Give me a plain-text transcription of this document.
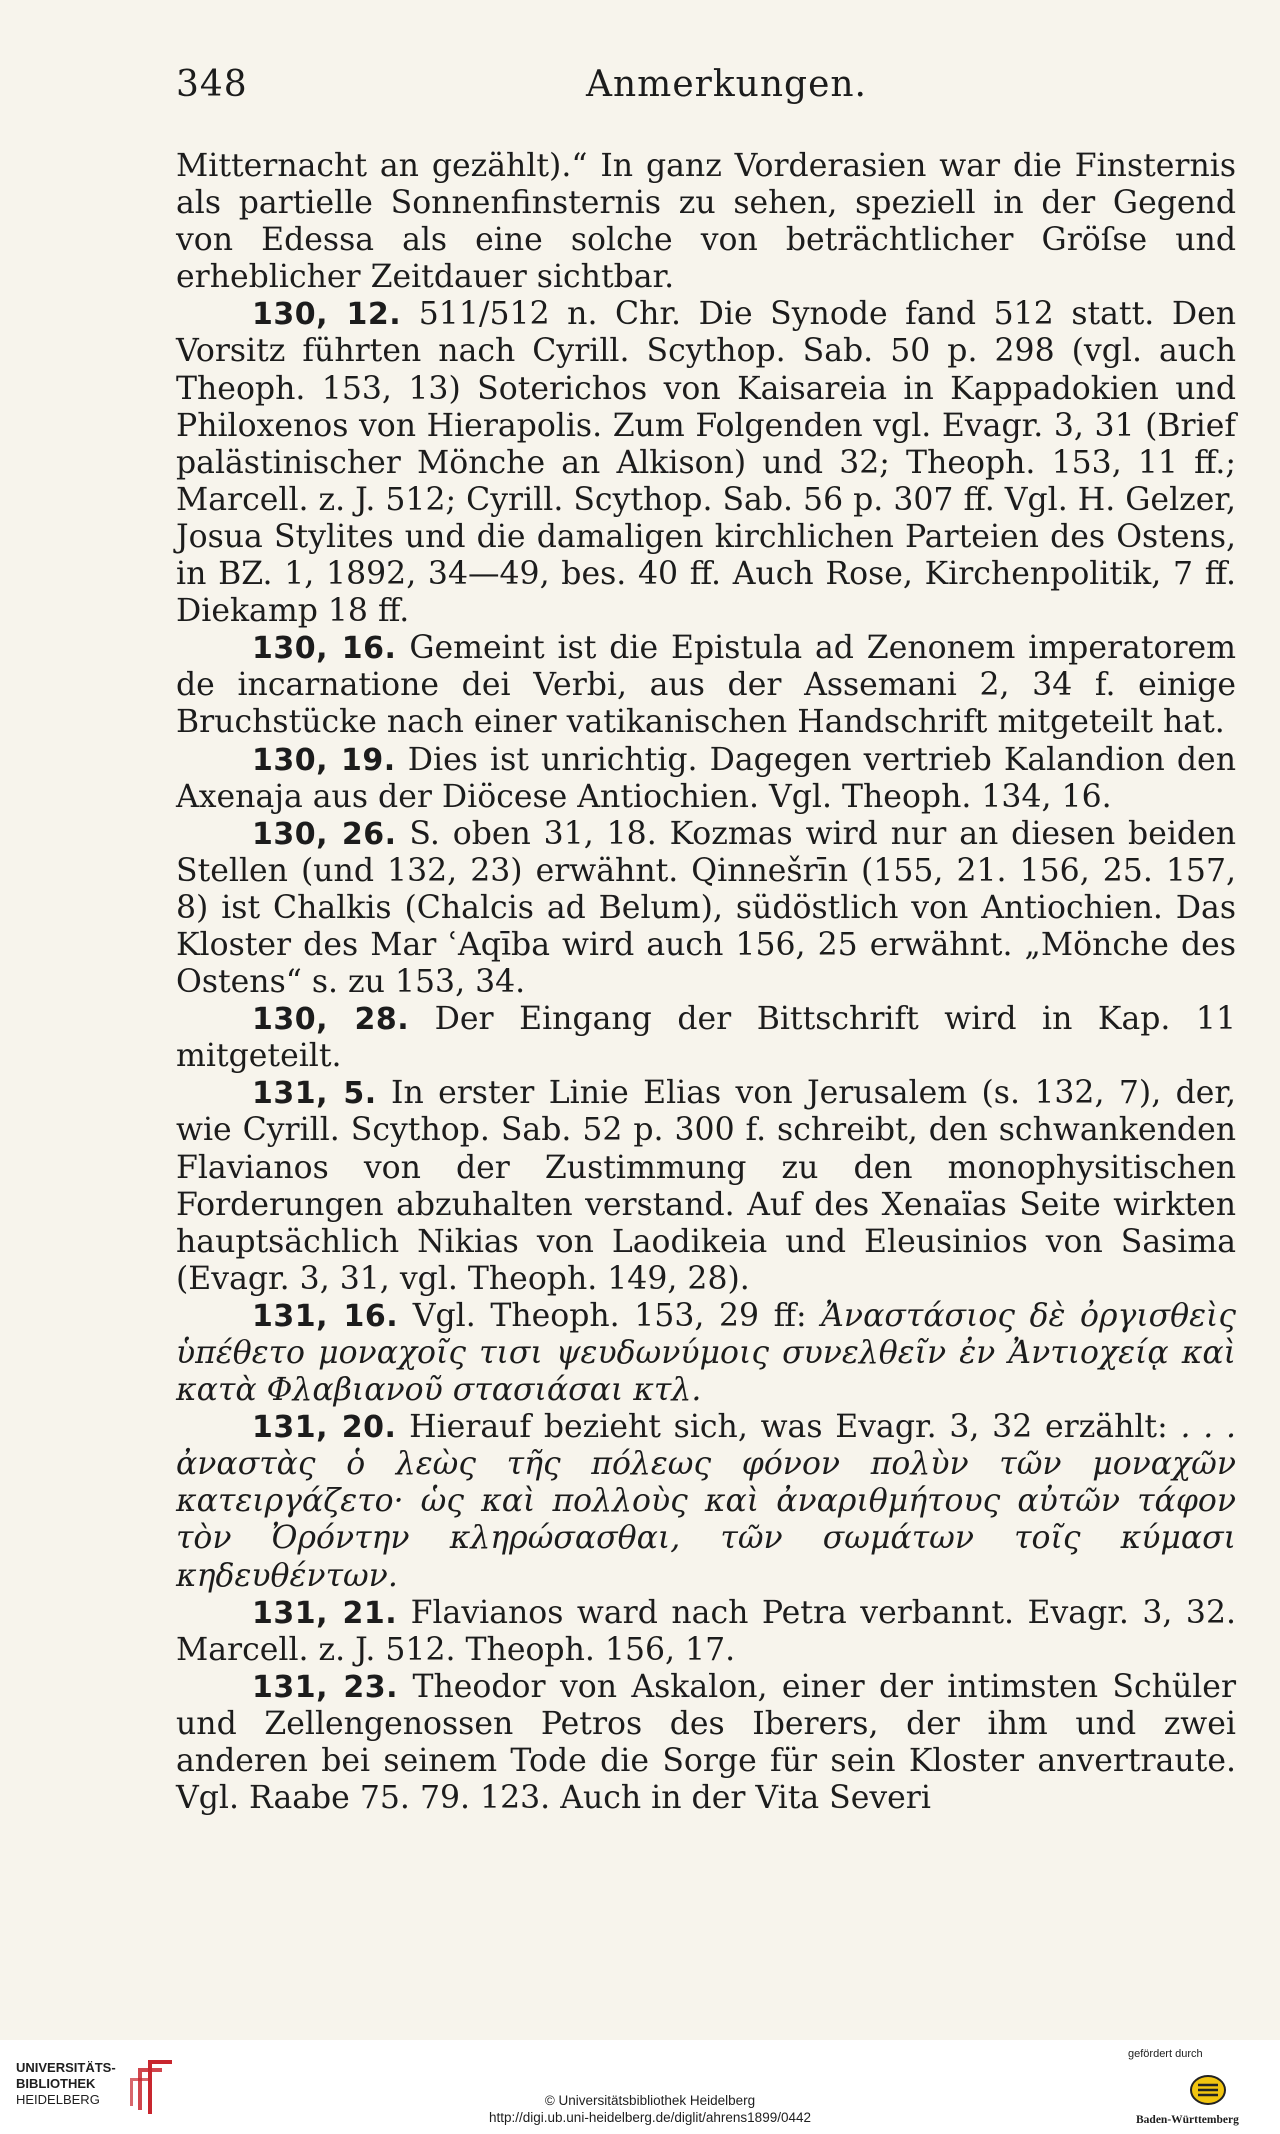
348	Anmerkungen.

Mitternacht an gezählt).“ In ganz Vorderasien war die Finsternis als partielle Sonnenfinsternis zu sehen, speziell in der Gegend von Edessa als eine solche von beträchtlicher Gröſse und erheblicher Zeitdauer sichtbar.

130, 12. 511/512 n. Chr. Die Synode fand 512 statt. Den Vorsitz führten nach Cyrill. Scythop. Sab. 50 p. 298 (vgl. auch Theoph. 153, 13) Soterichos von Kaisareia in Kappadokien und Philoxenos von Hierapolis. Zum Folgenden vgl. Evagr. 3, 31 (Brief palästinischer Mönche an Alkison) und 32; Theoph. 153, 11 ff.; Marcell. z. J. 512; Cyrill. Scythop. Sab. 56 p. 307 ff. Vgl. H. Gelzer, Josua Stylites und die damaligen kirchlichen Parteien des Ostens, in BZ. 1, 1892, 34—49, bes. 40 ff. Auch Rose, Kirchenpolitik, 7 ff. Diekamp 18 ff.

130, 16. Gemeint ist die Epistula ad Zenonem imperatorem de incarnatione dei Verbi, aus der Assemani 2, 34 f. einige Bruchstücke nach einer vatikanischen Handschrift mitgeteilt hat.

130, 19. Dies ist unrichtig. Dagegen vertrieb Kalandion den Axenaja aus der Diöcese Antiochien. Vgl. Theoph. 134, 16.

130, 26. S. oben 31, 18. Kozmas wird nur an diesen beiden Stellen (und 132, 23) erwähnt. Qinnešrīn (155, 21. 156, 25. 157, 8) ist Chalkis (Chalcis ad Belum), südöstlich von Antiochien. Das Kloster des Mar ʿAqība wird auch 156, 25 erwähnt. „Mönche des Ostens“ s. zu 153, 34.

130, 28. Der Eingang der Bittschrift wird in Kap. 11 mitgeteilt.

131, 5. In erster Linie Elias von Jerusalem (s. 132, 7), der, wie Cyrill. Scythop. Sab. 52 p. 300 f. schreibt, den schwankenden Flavianos von der Zustimmung zu den monophysitischen Forderungen abzuhalten verstand. Auf des Xenaïas Seite wirkten hauptsächlich Nikias von Laodikeia und Eleusinios von Sasima (Evagr. 3, 31, vgl. Theoph. 149, 28).

131, 16. Vgl. Theoph. 153, 29 ff: Ἀναστάσιος δὲ ὀργισθεὶς ὑπέθετο μοναχοῖς τισι ψευδωνύμοις συνελθεῖν ἐν Ἀντιοχείᾳ καὶ κατὰ Φλαβιανοῦ στασιάσαι κτλ.

131, 20. Hierauf bezieht sich, was Evagr. 3, 32 erzählt: . . . ἀναστὰς ὁ λεὼς τῆς πόλεως φόνον πολὺν τῶν μοναχῶν κατειργάζετο· ὡς καὶ πολλοὺς καὶ ἀναριθμήτους αὐτῶν τάφον τὸν Ὀρόντην κληρώσασθαι, τῶν σωμάτων τοῖς κύμασι κηδευθέντων.

131, 21. Flavianos ward nach Petra verbannt. Evagr. 3, 32. Marcell. z. J. 512. Theoph. 156, 17.

131, 23. Theodor von Askalon, einer der intimsten Schüler und Zellengenossen Petros des Iberers, der ihm und zwei anderen bei seinem Tode die Sorge für sein Kloster anvertraute. Vgl. Raabe 75. 79. 123. Auch in der Vita Severi

UNIVERSITÄTS-
BIBLIOTHEK
HEIDELBERG	© Universitätsbibliothek Heidelberg
http://digi.ub.uni-heidelberg.de/diglit/ahrens1899/0442
gefördert durch
Baden-Württemberg
